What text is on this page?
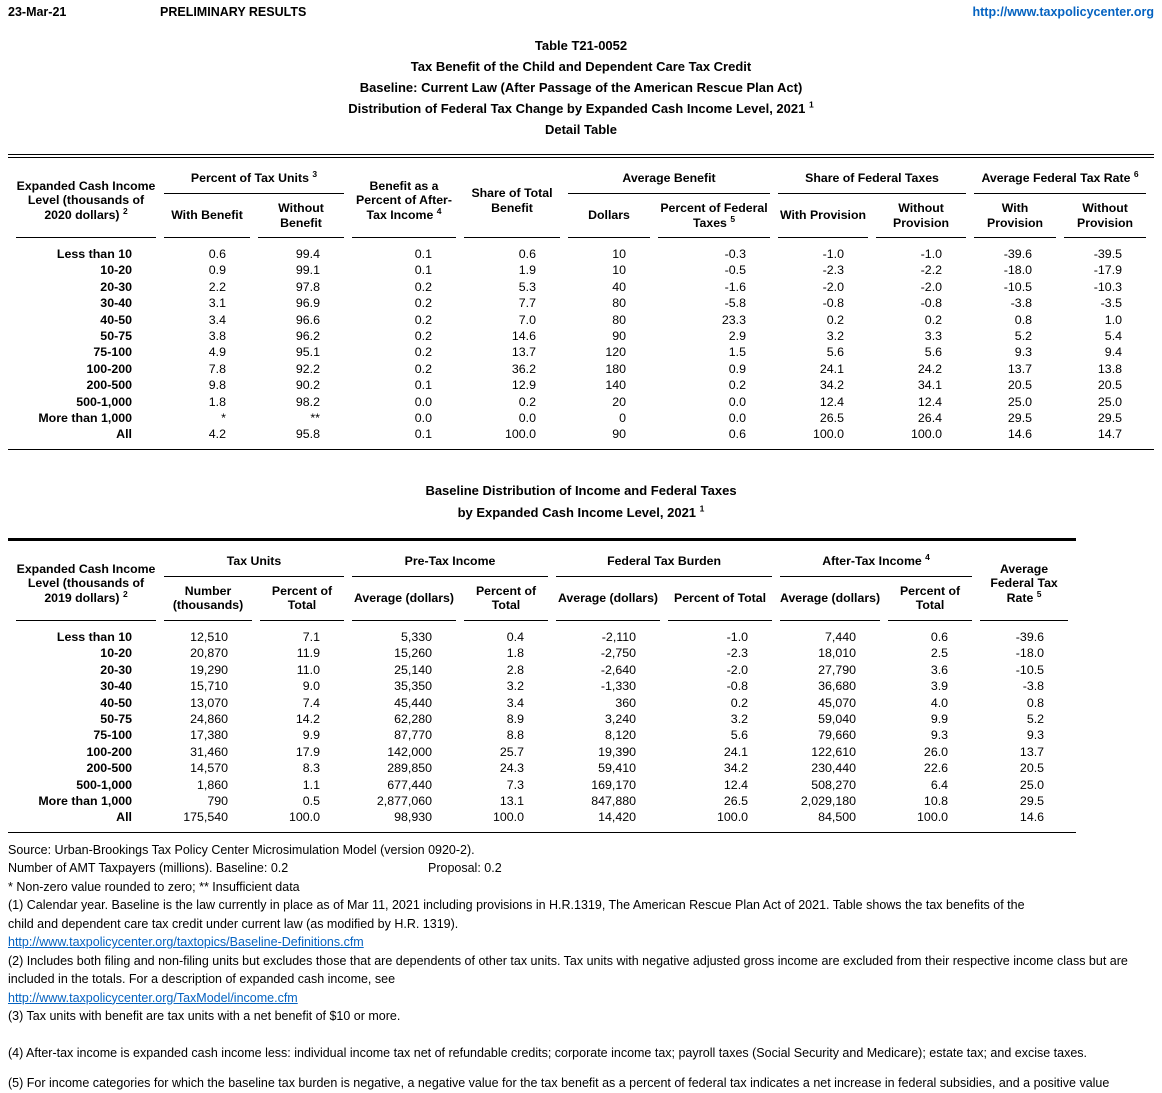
23-Mar-21	PRELIMINARY RESULTS	http://www.taxpolicycenter.org
Table T21-0052
Tax Benefit of the Child and Dependent Care Tax Credit
Baseline: Current Law (After Passage of the American Rescue Plan Act)
Distribution of Federal Tax Change by Expanded Cash Income Level, 2021 $^1$
Detail Table
Expanded Cash Income Level (thousands of 2020 dollars) $^2$	Percent of Tax Units $^3$		Benefit as a Percent of After-Tax Income $^4$	Share of Total Benefit	Average Benefit		Share of Federal Taxes		Average Federal Tax Rate $^6$
	With Benefit	Without Benefit			Dollars	Percent of Federal Taxes $^5$	With Provision	Without Provision	With Provision	Without Provision
Less than 10	0.6	99.4	0.1	0.6	10	-0.3	-1.0	-1.0	-39.6	-39.5
10-20	0.9	99.1	0.1	1.9	10	-0.5	-2.3	-2.2	-18.0	-17.9
20-30	2.2	97.8	0.2	5.3	40	-1.6	-2.0	-2.0	-10.5	-10.3
30-40	3.1	96.9	0.2	7.7	80	-5.8	-0.8	-0.8	-3.8	-3.5
40-50	3.4	96.6	0.2	7.0	80	23.3	0.2	0.2	0.8	1.0
50-75	3.8	96.2	0.2	14.6	90	2.9	3.2	3.3	5.2	5.4
75-100	4.9	95.1	0.2	13.7	120	1.5	5.6	5.6	9.3	9.4
100-200	7.8	92.2	0.2	36.2	180	0.9	24.1	24.2	13.7	13.8
200-500	9.8	90.2	0.1	12.9	140	0.2	34.2	34.1	20.5	20.5
500-1,000	1.8	98.2	0.0	0.2	20	0.0	12.4	12.4	25.0	25.0
More than 1,000	*	**	0.0	0.0	0	0.0	26.5	26.4	29.5	29.5
All	4.2	95.8	0.1	100.0	90	0.6	100.0	100.0	14.6	14.7
Baseline Distribution of Income and Federal Taxes
by Expanded Cash Income Level, 2021 $^1$
Expanded Cash Income Level (thousands of 2019 dollars) $^2$	Tax Units		Pre-Tax Income		Federal Tax Burden		After-Tax Income $^4$		Average Federal Tax Rate $^5$
	Number (thousands)	Percent of Total	Average (dollars)	Percent of Total	Average (dollars)	Percent of Total	Average (dollars)	Percent of Total	
Less than 10	12,510	7.1	5,330	0.4	-2,110	-1.0	7,440	0.6	-39.6
10-20	20,870	11.9	15,260	1.8	-2,750	-2.3	18,010	2.5	-18.0
20-30	19,290	11.0	25,140	2.8	-2,640	-2.0	27,790	3.6	-10.5
30-40	15,710	9.0	35,350	3.2	-1,330	-0.8	36,680	3.9	-3.8
40-50	13,070	7.4	45,440	3.4	360	0.2	45,070	4.0	0.8
50-75	24,860	14.2	62,280	8.9	3,240	3.2	59,040	9.9	5.2
75-100	17,380	9.9	87,770	8.8	8,120	5.6	79,660	9.3	9.3
100-200	31,460	17.9	142,000	25.7	19,390	24.1	122,610	26.0	13.7
200-500	14,570	8.3	289,850	24.3	59,410	34.2	230,440	22.6	20.5
500-1,000	1,860	1.1	677,440	7.3	169,170	12.4	508,270	6.4	25.0
More than 1,000	790	0.5	2,877,060	13.1	847,880	26.5	2,029,180	10.8	29.5
All	175,540	100.0	98,930	100.0	14,420	100.0	84,500	100.0	14.6
Source: Urban-Brookings Tax Policy Center Microsimulation Model (version 0920-2).
Number of AMT Taxpayers (millions). Baseline: 0.2	Proposal: 0.2
* Non-zero value rounded to zero; ** Insufficient data
(1) Calendar year. Baseline is the law currently in place as of Mar 11, 2021 including provisions in H.R.1319, The American Rescue Plan Act of 2021. Table shows the tax benefits of the
child and dependent care tax credit under current law (as modified by H.R. 1319).
http://www.taxpolicycenter.org/taxtopics/Baseline-Definitions.cfm
(2) Includes both filing and non-filing units but excludes those that are dependents of other tax units. Tax units with negative adjusted gross income are excluded from their respective income class but are
included in the totals. For a description of expanded cash income, see
http://www.taxpolicycenter.org/TaxModel/income.cfm
(3) Tax units with benefit are tax units with a net benefit of $10 or more.
(4) After-tax income is expanded cash income less: individual income tax net of refundable credits; corporate income tax; payroll taxes (Social Security and Medicare); estate tax; and excise taxes.
(5) For income categories for which the baseline tax burden is negative, a negative value for the tax benefit as a percent of federal tax indicates a net increase in federal subsidies, and a positive value
